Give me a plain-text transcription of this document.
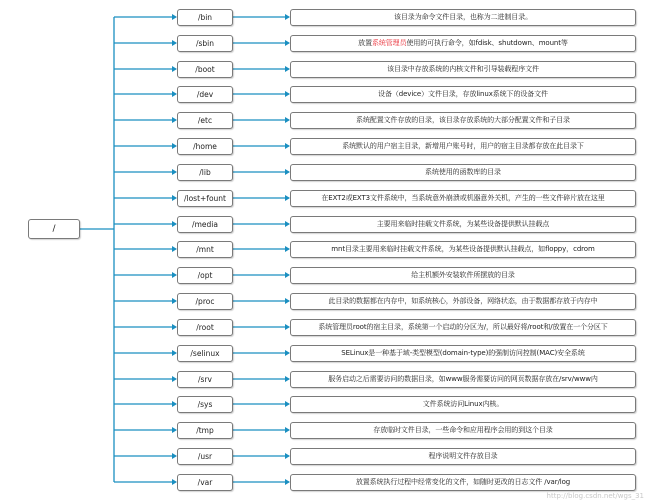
/
/bin	该目录为命令文件目录，也称为二进制目录。
/sbin	放置 系统管理员 使用的可执行命令，如fdisk、shutdown、mount等
/boot	该目录中存放系统的内核文件和引导装载程序文件
/dev	设备（device）文件目录，存放linux系统下的设备文件
/etc	系统配置文件存放的目录，该目录存放系统的大部分配置文件和子目录
/home	系统默认的用户宿主目录，新增用户账号时，用户的宿主目录都存放在此目录下
/lib	系统使用的函数库的目录
/lost+fount	在EXT2或EXT3文件系统中，当系统意外崩溃或机器意外关机，产生的一些文件碎片放在这里
/media	主要用来临时挂载文件系统，为某些设备提供默认挂载点
/mnt	mnt目录主要用来临时挂载文件系统，为某些设备提供默认挂载点，如floppy，cdrom
/opt	给主机额外安装软件所摆放的目录
/proc	此目录的数据都在内存中，如系统核心，外部设备，网络状态，由于数据都存放于内存中
/root	系统管理员root的宿主目录，系统第一个启动的分区为/，所以最好将/root和/放置在一个分区下
/selinux	SELinux是一种基于域-类型模型(domain-type)的强制访问控制(MAC)安全系统
/srv	服务启动之后需要访问的数据目录，如www服务需要访问的网页数据存放在/srv/www内
/sys	文件系统访问Linux内核。
/tmp	存放临时文件目录，一些命令和应用程序会用的到这个目录
/usr	程序说明文件存放目录
/var	放置系统执行过程中经常变化的文件，如随时更改的日志文件 /var/log
http://blog.csdn.net/wgs_31
